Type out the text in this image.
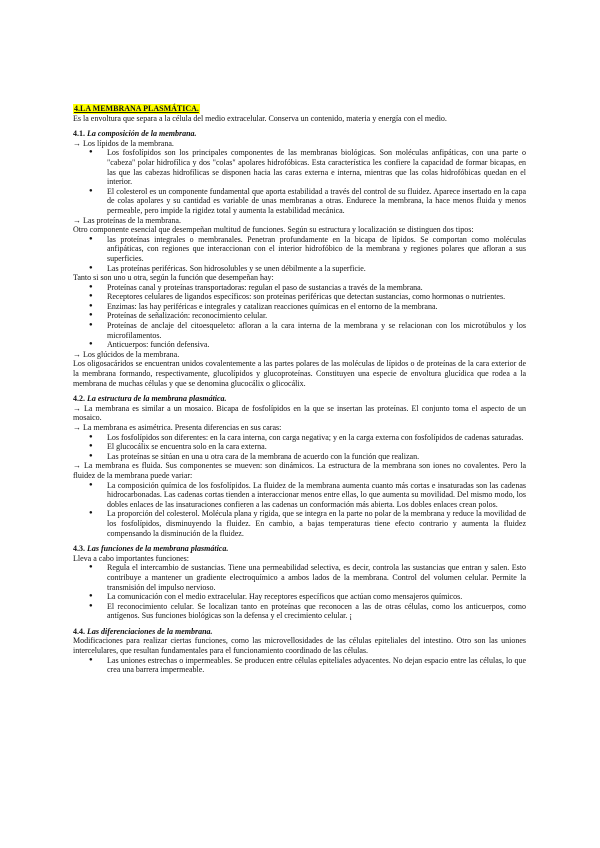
4.LA MEMBRANA PLASMÁTICA.

Es la envoltura que separa a la célula del medio extracelular. Conserva un contenido, materia y energía con el medio.

4.1. La composición de la membrana.

→ Los lípidos de la membrana.

● Los fosfolípidos son los principales componentes de las membranas biológicas. Son moléculas anfipáticas, con una parte o "cabeza" polar hidrofílica y dos "colas" apolares hidrofóbicas. Esta característica les confiere la capacidad de formar bicapas, en las que las cabezas hidrofílicas se disponen hacia las caras externa e interna, mientras que las colas hidrofóbicas quedan en el interior.
● El colesterol es un componente fundamental que aporta estabilidad a través del control de su fluidez. Aparece insertado en la capa de colas apolares y su cantidad es variable de unas membranas a otras. Endurece la membrana, la hace menos fluida y menos permeable, pero impide la rigidez total y aumenta la estabilidad mecánica.

→ Las proteínas de la membrana.

Otro componente esencial que desempeñan multitud de funciones. Según su estructura y localización se distinguen dos tipos:

● las proteínas integrales o membranales. Penetran profundamente en la bicapa de lípidos. Se comportan como moléculas anfipáticas, con regiones que interaccionan con el interior hidrofóbico de la membrana y regiones polares que afloran a sus superficies.
● Las proteínas periféricas. Son hidrosolubles y se unen débilmente a la superficie.

Tanto si son uno u otra, según la función que desempeñan hay:

● Proteínas canal y proteínas transportadoras: regulan el paso de sustancias a través de la membrana.
● Receptores celulares de ligandos específicos: son proteínas periféricas que detectan sustancias, como hormonas o nutrientes.
● Enzimas: las hay periféricas e integrales y catalizan reacciones químicas en el entorno de la membrana.
● Proteínas de señalización: reconocimiento celular.
● Proteínas de anclaje del citoesqueleto: afloran a la cara interna de la membrana y se relacionan con los microtúbulos y los microfilamentos.
● Anticuerpos: función defensiva.

→ Los glúcidos de la membrana.

Los oligosacáridos se encuentran unidos covalentemente a las partes polares de las moléculas de lípidos o de proteínas de la cara exterior de la membrana formando, respectivamente, glucolípidos y glucoproteínas. Constituyen una especie de envoltura glucídica que rodea a la membrana de muchas células y que se denomina glucocálix o glicocálix.

4.2. La estructura de la membrana plasmática.

→ La membrana es similar a un mosaico. Bicapa de fosfolípidos en la que se insertan las proteínas. El conjunto toma el aspecto de un mosaico.

→ La membrana es asimétrica. Presenta diferencias en sus caras:

● Los fosfolípidos son diferentes: en la cara interna, con carga negativa; y en la carga externa con fosfolípidos de cadenas saturadas.
● El glucocálix se encuentra solo en la cara externa.
● Las proteínas se sitúan en una u otra cara de la membrana de acuerdo con la función que realizan.

→ La membrana es fluida. Sus componentes se mueven: son dinámicos. La estructura de la membrana son iones no covalentes. Pero la fluidez de la membrana puede variar:

● La composición química de los fosfolípidos. La fluidez de la membrana aumenta cuanto más cortas e insaturadas son las cadenas hidrocarbonadas. Las cadenas cortas tienden a interaccionar menos entre ellas, lo que aumenta su movilidad. Del mismo modo, los dobles enlaces de las insaturaciones confieren a las cadenas un conformación más abierta. Los dobles enlaces crean polos.
● La proporción del colesterol. Molécula plana y rígida, que se integra en la parte no polar de la membrana y reduce la movilidad de los fosfolípidos, disminuyendo la fluidez. En cambio, a bajas temperaturas tiene efecto contrario y aumenta la fluidez compensando la disminución de la fluidez.
4.3. Las funciones de la membrana plasmática.

Lleva a cabo importantes funciones:

● Regula el intercambio de sustancias. Tiene una permeabilidad selectiva, es decir, controla las sustancias que entran y salen. Esto contribuye a mantener un gradiente electroquímico a ambos lados de la membrana. Control del volumen celular. Permite la transmisión del impulso nervioso.
● La comunicación con el medio extracelular. Hay receptores específicos que actúan como mensajeros químicos.
● El reconocimiento celular. Se localizan tanto en proteínas que reconocen a las de otras células, como los anticuerpos, como antígenos. Sus funciones biológicas son la defensa y el crecimiento celular. ¡
4.4. Las diferenciaciones de la membrana.

Modificaciones para realizar ciertas funciones, como las microvellosidades de las células epiteliales del intestino. Otro son las uniones intercelulares, que resultan fundamentales para el funcionamiento coordinado de las células.

● Las uniones estrechas o impermeables. Se producen entre células epiteliales adyacentes. No dejan espacio entre las células, lo que crea una barrera impermeable.
